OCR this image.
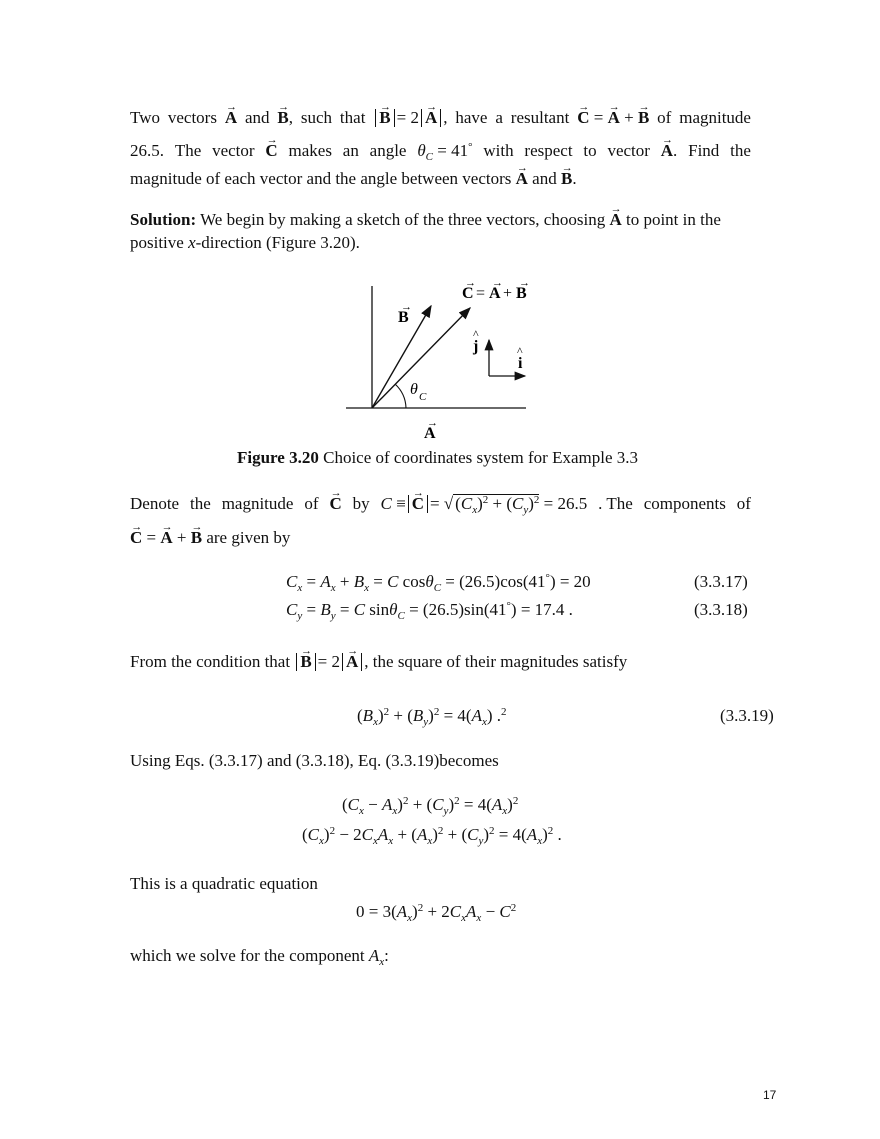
Two vectors → A and → B, such that → B = 2 → A , have a resultant → C = → A + → B of magnitude
26.5. The vector → C makes an angle $\theta_C = 41^\circ$ with respect to vector → A. Find the
magnitude of each vector and the angle between vectors → A and → B.
Solution: We begin by making a sketch of the three vectors, choosing → A to point in the
positive x-direction (Figure 3.20).
C = A + B
→ → →
B
→
A
→
j
^
i
^
θ C
Figure 3.20 Choice of coordinates system for Example 3.3
Denote the magnitude of → C by C ≡ → C = √ $(C_x)^2 + (C_y)^2 = 26.5$ . The components of
→ C = → A + → B are given by
$C_x = A_x + B_x = C$ cosθ$_C$ = (26.5)cos(41°) = 20	(3.3.17)
$C_y = B_y = C$ sinθ$_C$ = (26.5)sin(41°) = 17.4 .	(3.3.18)
From the condition that → B = 2 → A , the square of their magnitudes satisfy
$(B_x)^2 + (B_y)^2 = 4(A_x)$ .$^2$	(3.3.19)
Using Eqs. (3.3.17) and (3.3.18), Eq. (3.3.19)becomes
$(C_x - A_x)^2 + (C_y)^2 = 4(A_x)^2$
$(C_x)^2 - 2C_xA_x + (A_x)^2 + (C_y)^2 = 4(A_x)^2$ .
This is a quadratic equation
$0 = 3(A_x)^2 + 2C_xA_x - C^2$
which we solve for the component $A_x$:
17
